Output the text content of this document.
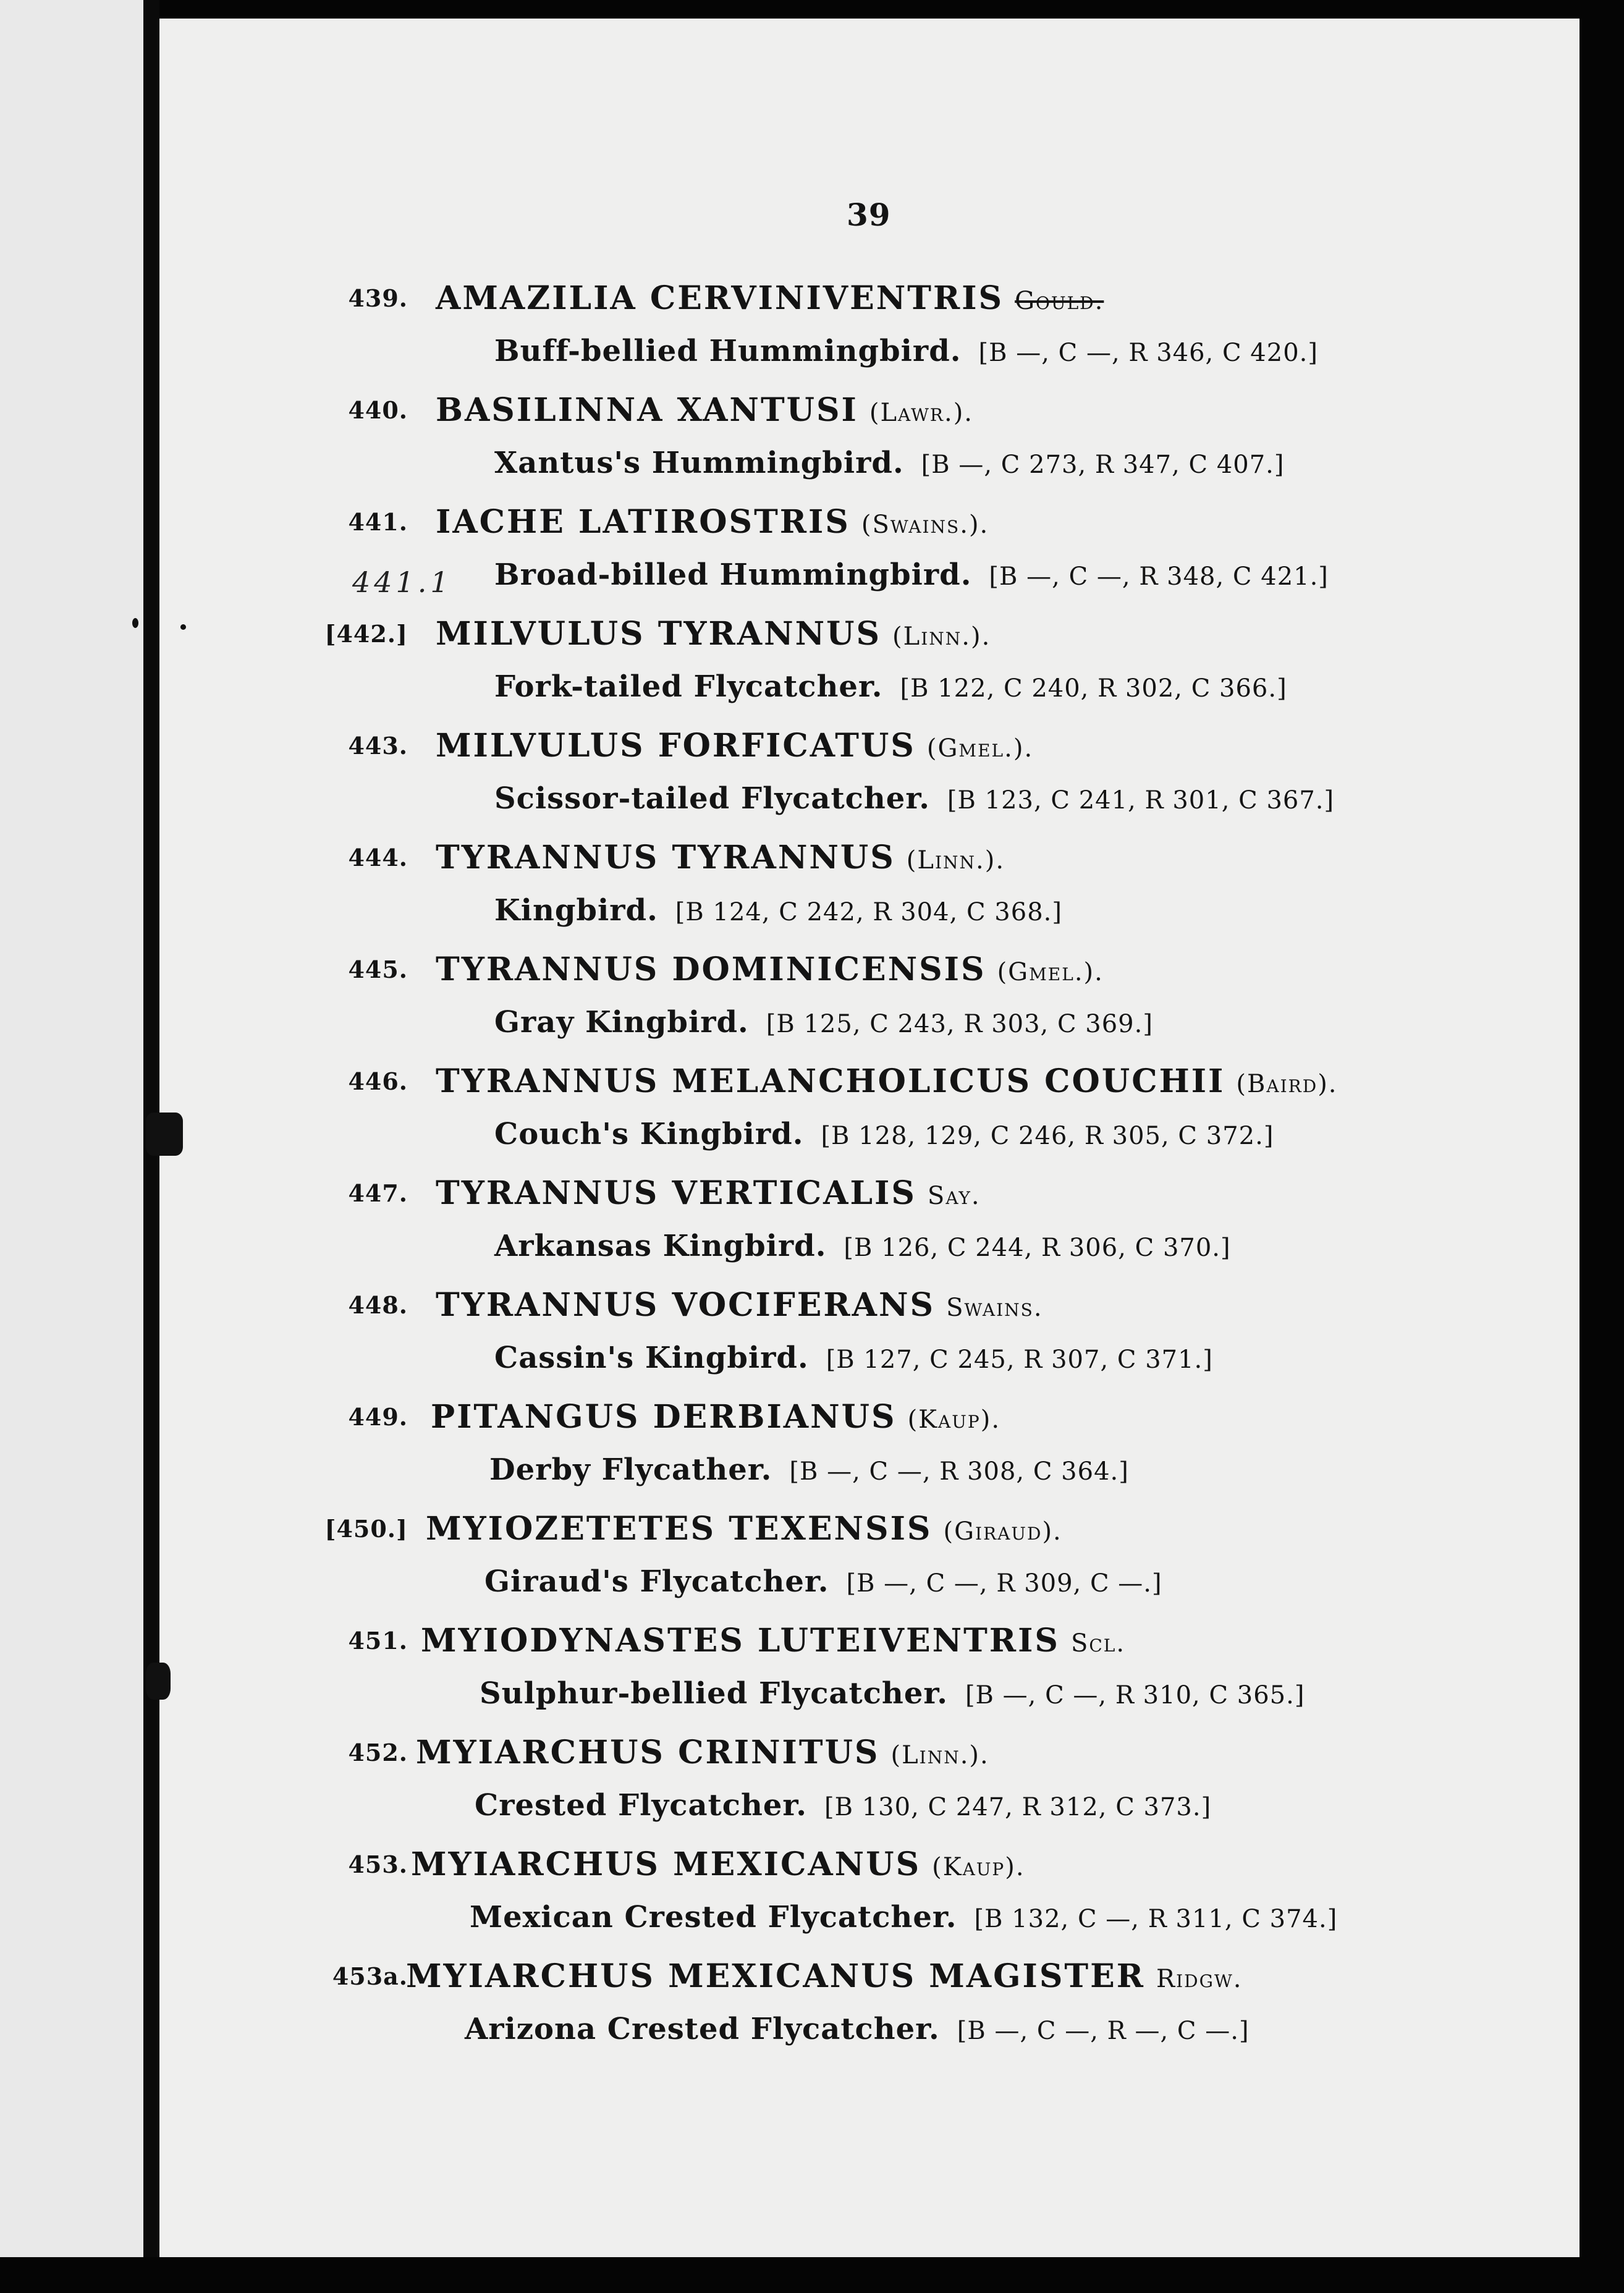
39
441.1
439. AMAZILIA CERVINIVENTRIS Gould.
Buff-bellied Hummingbird. [B —, C —, R 346, C 420.]
440. BASILINNA XANTUSI (Lawr.).
Xantus's Hummingbird. [B —, C 273, R 347, C 407.]
441. IACHE LATIROSTRIS (Swains.).
Broad-billed Hummingbird. [B —, C —, R 348, C 421.]
[442.] MILVULUS TYRANNUS (Linn.).
Fork-tailed Flycatcher. [B 122, C 240, R 302, C 366.]
443. MILVULUS FORFICATUS (Gmel.).
Scissor-tailed Flycatcher. [B 123, C 241, R 301, C 367.]
444. TYRANNUS TYRANNUS (Linn.).
Kingbird. [B 124, C 242, R 304, C 368.]
445. TYRANNUS DOMINICENSIS (Gmel.).
Gray Kingbird. [B 125, C 243, R 303, C 369.]
446. TYRANNUS MELANCHOLICUS COUCHII (Baird).
Couch's Kingbird. [B 128, 129, C 246, R 305, C 372.]
447. TYRANNUS VERTICALIS Say.
Arkansas Kingbird. [B 126, C 244, R 306, C 370.]
448. TYRANNUS VOCIFERANS Swains.
Cassin's Kingbird. [B 127, C 245, R 307, C 371.]
449. PITANGUS DERBIANUS (Kaup).
Derby Flycather. [B —, C —, R 308, C 364.]
[450.] MYIOZETETES TEXENSIS (Giraud).
Giraud's Flycatcher. [B —, C —, R 309, C —.]
451. MYIODYNASTES LUTEIVENTRIS Scl.
Sulphur-bellied Flycatcher. [B —, C —, R 310, C 365.]
452. MYIARCHUS CRINITUS (Linn.).
Crested Flycatcher. [B 130, C 247, R 312, C 373.]
453. MYIARCHUS MEXICANUS (Kaup).
Mexican Crested Flycatcher. [B 132, C —, R 311, C 374.]
453a.
MYIARCHUS MEXICANUS MAGISTER Ridgw.
Arizona Crested Flycatcher. [B —, C —, R —, C —.]
